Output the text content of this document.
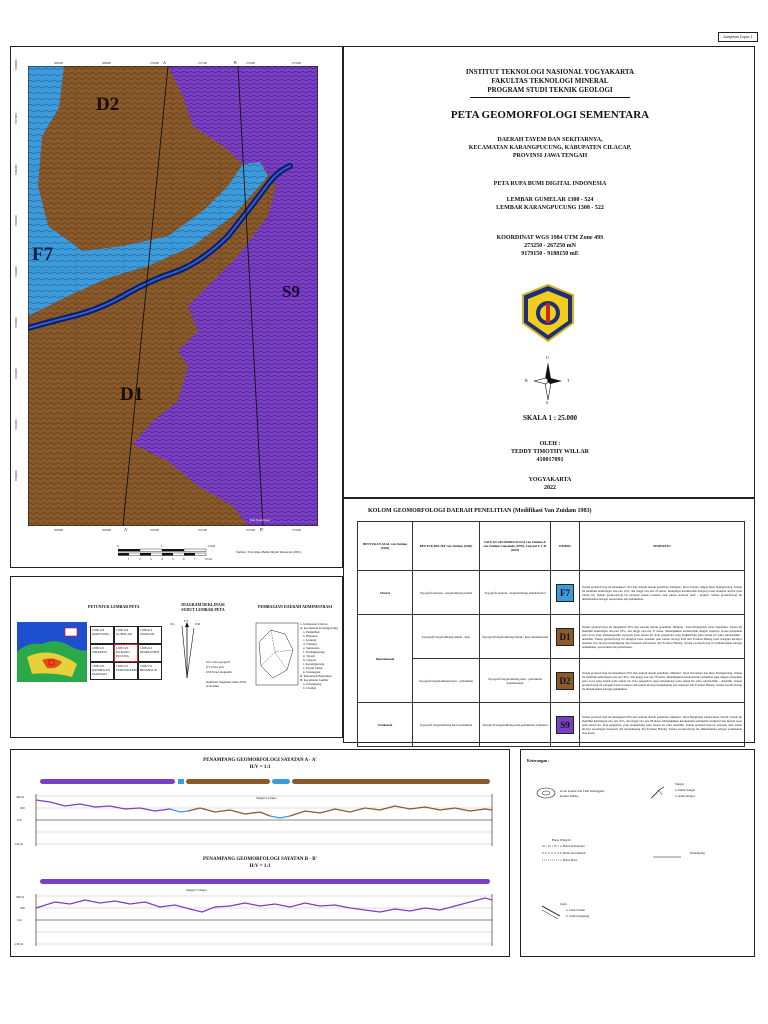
Lampiran Lepas 1
D2
F7
S9
D1
A	B
A'	B'
Kali Kembanges
260500	268500	270500	271500	272500	273500
268500	268500	270500	271500	272500	273500
9188000
9187000
9186000
9185000
9184000
9183000
9182000
9181000
9180000
0	1	2 Km
1	2	3	4	5	6	7	8 Cm
Sumber : Peta Rupa Bumi Digital Indonesia (2001)
INSTITUT TEKNOLOGI NASIONAL YOGYAKARTA
FAKULTAS TEKNOLOGI MINERAL
PROGRAM STUDI TEKNIK GEOLOGI
PETA GEOMORFOLOGI SEMENTARA
DAERAH TAYEM DAN SEKITARNYA,
KECAMATAN KARANGPUCUNG, KABUPATEN CILACAP,
PROVINSI JAWA TENGAH
PETA RUPA BUMI DIGITAL INDONESIA
LEMBAR GUMELAR 1308 - 524
LEMBAR KARANGPUCUNG 1308 - 522
KOORDINAT WGS 1984 UTM Zone 49S
273250 - 267250 mN
9179150 - 9188150 mE
U
S
B	T
SKALA 1 : 25.000
OLEH :
TEDDY TIMOTHY WILLAR
410017091
YOGYAKARTA
2022
KOLOM GEOMORFOLOGI DAERAH PENELITIAN (Modifikasi Van Zuidam 1983)
BENTUKAN ASAL van Zuidam (1983)	BENTUK RELIEF van Zuidam (1985)	SATUAN GEOMORFOLOGI van Zuidam & van Zuidam Cancelado (1979), Lisiyani T. L.B. (2019)	SIMBOL	PEMERIAN
Fluvial	Topografi dataran - bergelombang lemah	Topografi dataran - bergelombang lemah fluvial	F7	Satuan geomorfologi ini menempati 10% dari seluruh daerah penelitian. Meliputi : Desa Tayem, sampai Desa Sidangbarang. Satuan ini memiliki kemiringan rata-rata 10%, dan tinggi rata-rata 25 meter. Mengingat karakteristik dengan proses endapan aluvial pada satuan ini. Satuan geomorfologi ini tersusun batuan tersusun oleh satuan endapan pasir - kerakal. Satuan geomorfologi ini dimanfaatkan sebagai persawahan dan pemukiman.
Denudasional	Topografi bergelombang lemah - kuat	Topografi bergelombang lemah - kuat denudasional	D1	Satuan geomorfologi ini menempati 30% dari seluruh daerah penelitian. Meliputi : Desa Bengbulan, Desa Sukaluhur. Satuan ini memiliki kemiringan rata-rata 18%, dan tinggi rata-rata 31 meter. Menunjukkan karakteristik dengan besarnya proses pelapukan serta erosi yang mempengaruhi topografi pada satuan ini. Pola pengaliran yang berkembang pada satuan ini yaitu subdendritik - dendritik. Satuan geomorfologi ini sebagian besar tersusun oleh satuan litologi Tuff dari Formasi Halang serta sebagian kecilnya tersusun atas litologi batulempung dan batupasir karbonatan dari Formasi Halang. Satuan Geomorfologi ini dimanfaatkan sebagai pemukiman, persawahan dan perkebunan.
	Topografi bergelombang kuat - perbukitan	Topografi bergelombang kuat - perbukitan denudasional	D2	Satuan geomorfologi ini menempati 20% dari seluruh daerah penelitian. Meliputi : Desa Sawantaru dan Desa Sidangbarang. Satuan ini memiliki kemiringan rata-rata 30%, dan tinggi rata-rata 78 meter. Menunjukkan karakteristik perbukitan juga dengan pelapukan serta erosi yang terjadi pada satuan ini. Pola pengaliran yang berkembang pada satuan ini yaitu subdendritik - dendritik. Satuan geomorfologi ini sebagian besar tersusun oleh satuan litologi batulempung dan batupasir dari Formasi Halang. Satuan Geomorfologi ini dimanfaatkan sebagai pemukiman.
Struktural	Topografi bergelombang kuat-perbukitan	Topografi bergelombang kuat-perbukitan struktural	S9	Satuan geomorfologi ini menempati 40% dari seluruh daerah penelitian. Meliputi : Desa Bengbulan sampai Desa Tayem. Satuan ini memiliki kemiringan rata-rata 35%, dan tinggi rata-rata 98 meter. Menunjukkan karakteristik perbukitan struktural dan liparan sesar pada satuan ini. Pola pengaliran yang berkembang pada satuan ini yaitu dendritik. Satuan geomorfologi ini tersusun oleh satuan litologi perselingan batupasir dan batulempung dari Formasi Halang. Satuan Geomorfologi ini dimanfaatkan sebagai perkebunan atau hutan.
PETUNJUK LEMBAR PETA
1308-523 MAJENANG
1308-524 GUMELAR
1308-613 WANGON
1308-521 SIDAREJA
1308-522 KARANG PUCUNG
1308-612 KEMRANJEN
1308-525 RANDEGAN MANDALI
1308-521 PURWOKERTO
1308-531 BINANGUN
DIAGRAM DEKLINASI
SUDUT LEMBAR PETA
UG
UT
UM
UG Utara geografi
UT Utara grid
UM Utara magnetik
Deklinasi magnetik tahun 2018 arah timur
PEMBAGIAN DAERAH ADMINISTRASI
1. Kabupaten Cilacap
A. Kecamatan Karangpucung
a. Pamulihan
b. Babakan
c. Gunung
d. Sidaurip
e. Surusunda
f. Sindangbarang
g. Tayem
h. Cipecut
i. Karangpucung
j. Tayem Timur
k. Sidanegara
II. Kabupaten Banyumas
B. Kecamatan Lumbir
a. Cibangkong
b. Cirahab
PENAMPANG GEOMORFOLOGI SAYATAN A - A'
H:V = 1:1
Sungai Ci Kupa
300 m
200
0 m
-100 m
PENAMPANG GEOMORFOLOGI SAYATAN B - B'
H:V = 1:1
Sungai Ci Kupa
300 m
200
0 m
-100 m
Keterangan :
Garis Kontur dan Titik Ketinggian,
Kontur Indeks
Sungai
a. Induk Sungai
b. Anak Sungai
Batas Wilayah
a. Batas Kabupaten
b. Batas Kecamatan
c. Batas Desa
Penampang
Jalan
a. Jalan Utama
b. Jalan Kampung
